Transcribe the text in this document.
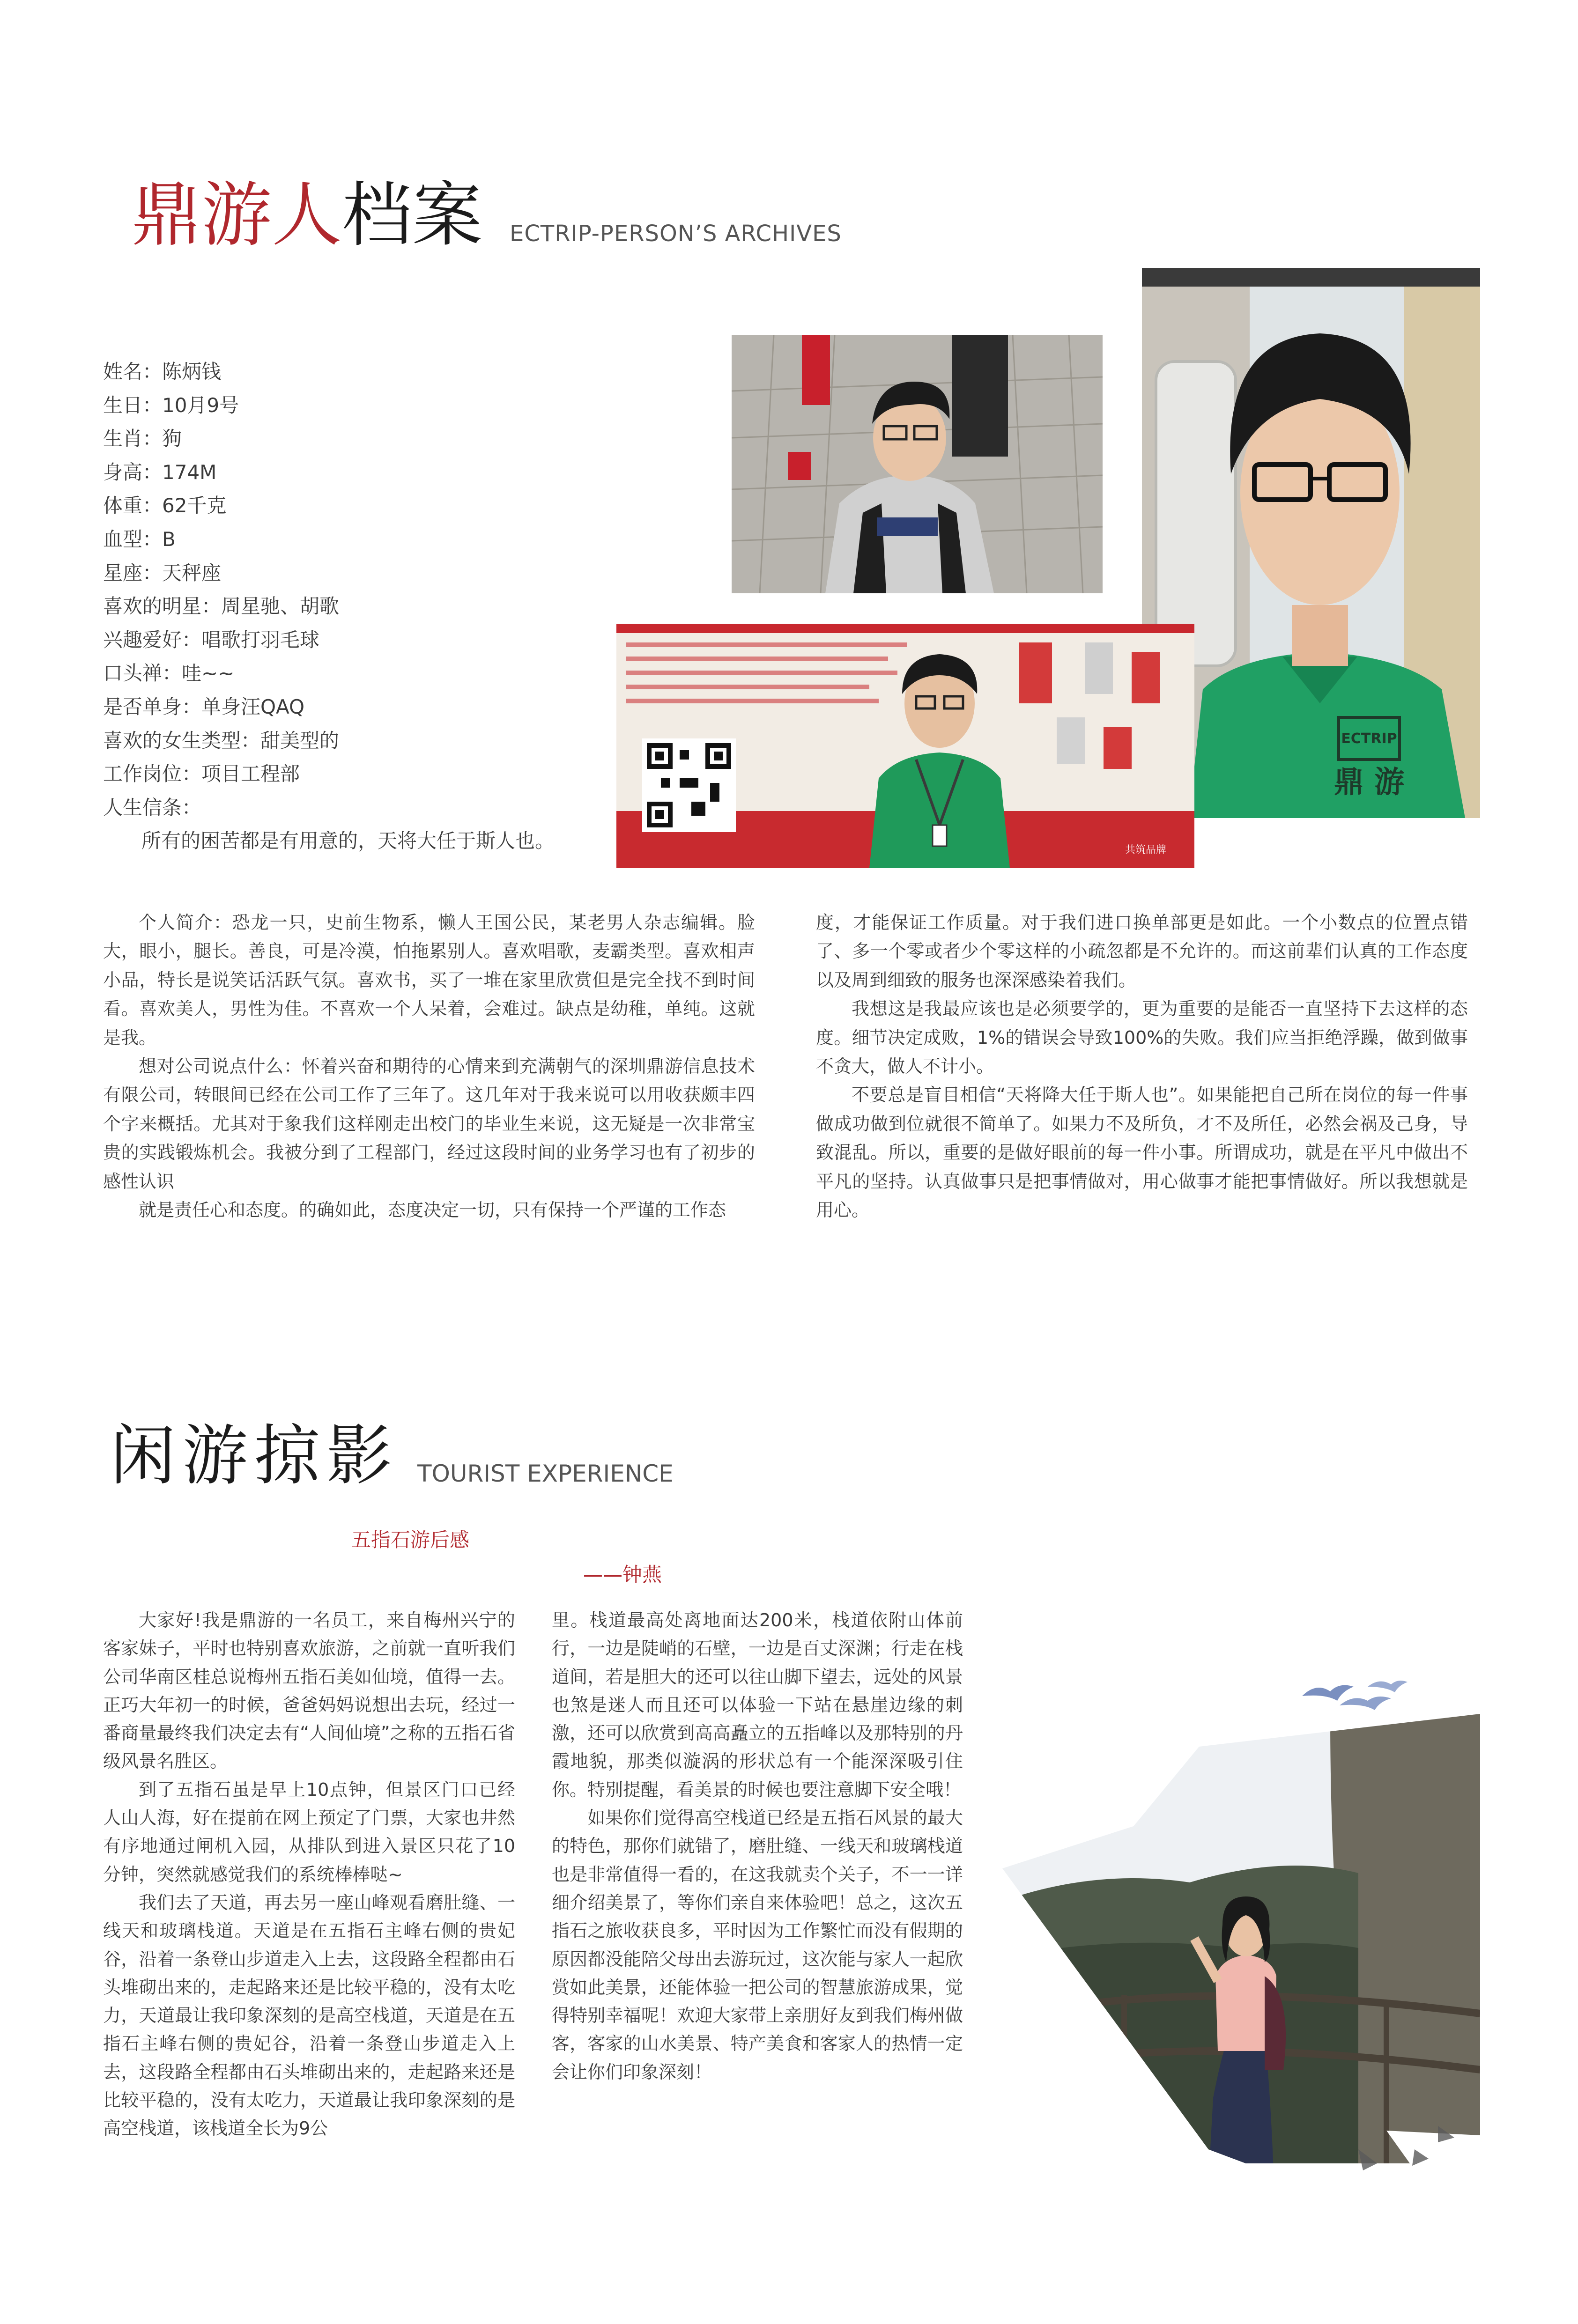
鼎游人 档案 ECTRIP-PERSON’S ARCHIVES
姓名：陈炳钱
生日：10月9号
生肖：狗
身高：174M
体重：62千克
血型：B
星座：天秤座
喜欢的明星：周星驰、胡歌
兴趣爱好：唱歌打羽毛球
口头禅：哇~~
是否单身：单身汪QAQ
喜欢的女生类型：甜美型的
工作岗位：项目工程部
人生信条：
所有的困苦都是有用意的，天将大任于斯人也。
ECTRIP
鼎 游
共筑品牌

个人简介：恐龙一只，史前生物系，懒人王国公民，某老男人杂志编辑。脸大，眼小，腿长。善良，可是冷漠，怕拖累别人。喜欢唱歌，麦霸类型。喜欢相声小品，特长是说笑话活跃气氛。喜欢书，买了一堆在家里欣赏但是完全找不到时间看。喜欢美人，男性为佳。不喜欢一个人呆着，会难过。缺点是幼稚，单纯。这就是我。

想对公司说点什么：怀着兴奋和期待的心情来到充满朝气的深圳鼎游信息技术有限公司，转眼间已经在公司工作了三年了。这几年对于我来说可以用收获颇丰四个字来概括。尤其对于象我们这样刚走出校门的毕业生来说，这无疑是一次非常宝贵的实践锻炼机会。我被分到了工程部门，经过这段时间的业务学习也有了初步的感性认识

就是责任心和态度。的确如此，态度决定一切，只有保持一个严谨的工作态

度，才能保证工作质量。对于我们进口换单部更是如此。一个小数点的位置点错了、多一个零或者少个零这样的小疏忽都是不允许的。而这前辈们认真的工作态度以及周到细致的服务也深深感染着我们。

我想这是我最应该也是必须要学的，更为重要的是能否一直坚持下去这样的态度。细节决定成败，1%的错误会导致100%的失败。我们应当拒绝浮躁，做到做事不贪大，做人不计小。

不要总是盲目相信“天将降大任于斯人也”。如果能把自己所在岗位的每一件事做成功做到位就很不简单了。如果力不及所负，才不及所任，必然会祸及己身，导致混乱。所以，重要的是做好眼前的每一件小事。所谓成功，就是在平凡中做出不平凡的坚持。认真做事只是把事情做对，用心做事才能把事情做好。所以我想就是用心。

闲游掠影 TOURIST EXPERIENCE
五指石游后感
——钟燕

大家好!我是鼎游的一名员工，来自梅州兴宁的客家妹子，平时也特别喜欢旅游，之前就一直听我们公司华南区桂总说梅州五指石美如仙境，值得一去。正巧大年初一的时候，爸爸妈妈说想出去玩，经过一番商量最终我们决定去有“人间仙境”之称的五指石省级风景名胜区。

到了五指石虽是早上10点钟，但景区门口已经人山人海，好在提前在网上预定了门票，大家也井然有序地通过闸机入园，从排队到进入景区只花了10分钟，突然就感觉我们的系统棒棒哒~

我们去了天道，再去另一座山峰观看磨肚缝、一线天和玻璃栈道。天道是在五指石主峰右侧的贵妃谷，沿着一条登山步道走入上去，这段路全程都由石头堆砌出来的，走起路来还是比较平稳的，没有太吃力，天道最让我印象深刻的是高空栈道，天道是在五指石主峰右侧的贵妃谷，沿着一条登山步道走入上去，这段路全程都由石头堆砌出来的，走起路来还是比较平稳的，没有太吃力，天道最让我印象深刻的是高空栈道，该栈道全长为9公

里。栈道最高处离地面达200米，栈道依附山体前行，一边是陡峭的石壁，一边是百丈深渊；行走在栈道间，若是胆大的还可以往山脚下望去，远处的风景也煞是迷人而且还可以体验一下站在悬崖边缘的刺激，还可以欣赏到高高矗立的五指峰以及那特别的丹霞地貌，那类似漩涡的形状总有一个能深深吸引住你。特别提醒，看美景的时候也要注意脚下安全哦！

如果你们觉得高空栈道已经是五指石风景的最大的特色，那你们就错了，磨肚缝、一线天和玻璃栈道也是非常值得一看的，在这我就卖个关子，不一一详细介绍美景了，等你们亲自来体验吧！总之，这次五指石之旅收获良多，平时因为工作繁忙而没有假期的原因都没能陪父母出去游玩过，这次能与家人一起欣赏如此美景，还能体验一把公司的智慧旅游成果，觉得特别幸福呢！欢迎大家带上亲朋好友到我们梅州做客，客家的山水美景、特产美食和客家人的热情一定会让你们印象深刻！
